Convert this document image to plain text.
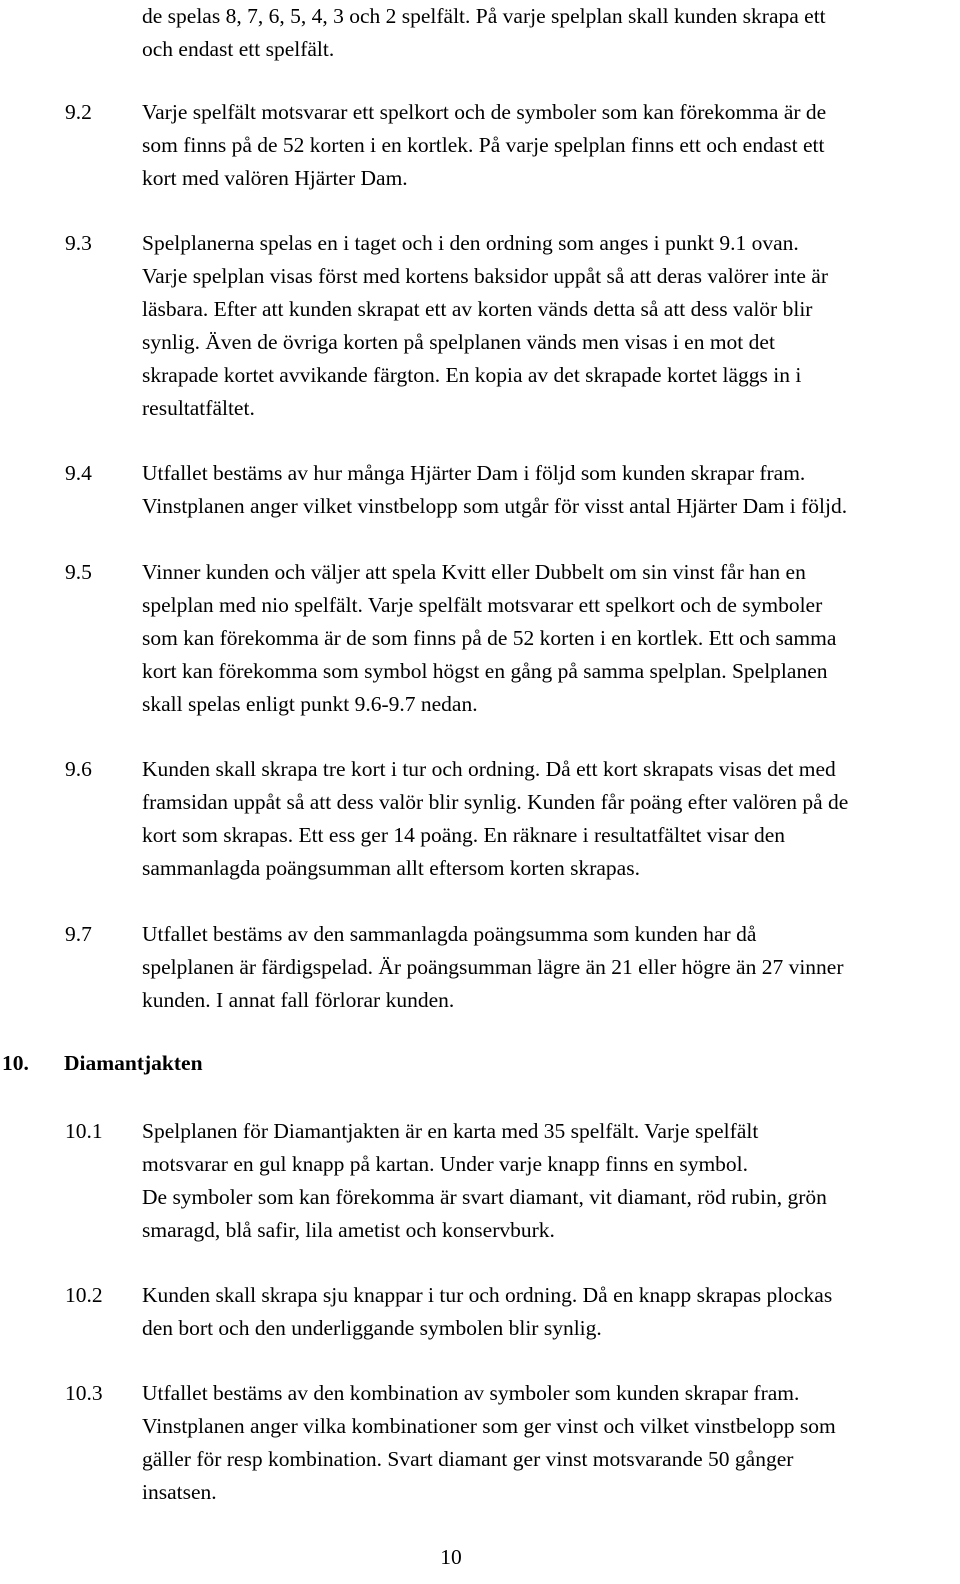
de spelas 8, 7, 6, 5, 4, 3 och 2 spelfält. På varje spelplan skall kunden skrapa ett
och endast ett spelfält.
9.2 Varje spelfält motsvarar ett spelkort och de symboler som kan förekomma är de
som finns på de 52 korten i en kortlek. På varje spelplan finns ett och endast ett
kort med valören Hjärter Dam.
9.3 Spelplanerna spelas en i taget och i den ordning som anges i punkt 9.1 ovan.
Varje spelplan visas först med kortens baksidor uppåt så att deras valörer inte är
läsbara. Efter att kunden skrapat ett av korten vänds detta så att dess valör blir
synlig. Även de övriga korten på spelplanen vänds men visas i en mot det
skrapade kortet avvikande färgton. En kopia av det skrapade kortet läggs in i
resultatfältet.
9.4 Utfallet bestäms av hur många Hjärter Dam i följd som kunden skrapar fram.
Vinstplanen anger vilket vinstbelopp som utgår för visst antal Hjärter Dam i följd.
9.5 Vinner kunden och väljer att spela Kvitt eller Dubbelt om sin vinst får han en
spelplan med nio spelfält. Varje spelfält motsvarar ett spelkort och de symboler
som kan förekomma är de som finns på de 52 korten i en kortlek. Ett och samma
kort kan förekomma som symbol högst en gång på samma spelplan. Spelplanen
skall spelas enligt punkt 9.6-9.7 nedan.
9.6 Kunden skall skrapa tre kort i tur och ordning. Då ett kort skrapats visas det med
framsidan uppåt så att dess valör blir synlig. Kunden får poäng efter valören på de
kort som skrapas. Ett ess ger 14 poäng. En räknare i resultatfältet visar den
sammanlagda poängsumman allt eftersom korten skrapas.
9.7 Utfallet bestäms av den sammanlagda poängsumma som kunden har då
spelplanen är färdigspelad. Är poängsumman lägre än 21 eller högre än 27 vinner
kunden. I annat fall förlorar kunden.
10. Diamantjakten
10.1 Spelplanen för Diamantjakten är en karta med 35 spelfält. Varje spelfält
motsvarar en gul knapp på kartan. Under varje knapp finns en symbol.
De symboler som kan förekomma är svart diamant, vit diamant, röd rubin, grön
smaragd, blå safir, lila ametist och konservburk.
10.2 Kunden skall skrapa sju knappar i tur och ordning. Då en knapp skrapas plockas
den bort och den underliggande symbolen blir synlig.
10.3 Utfallet bestäms av den kombination av symboler som kunden skrapar fram.
Vinstplanen anger vilka kombinationer som ger vinst och vilket vinstbelopp som
gäller för resp kombination. Svart diamant ger vinst motsvarande 50 gånger
insatsen.
10
